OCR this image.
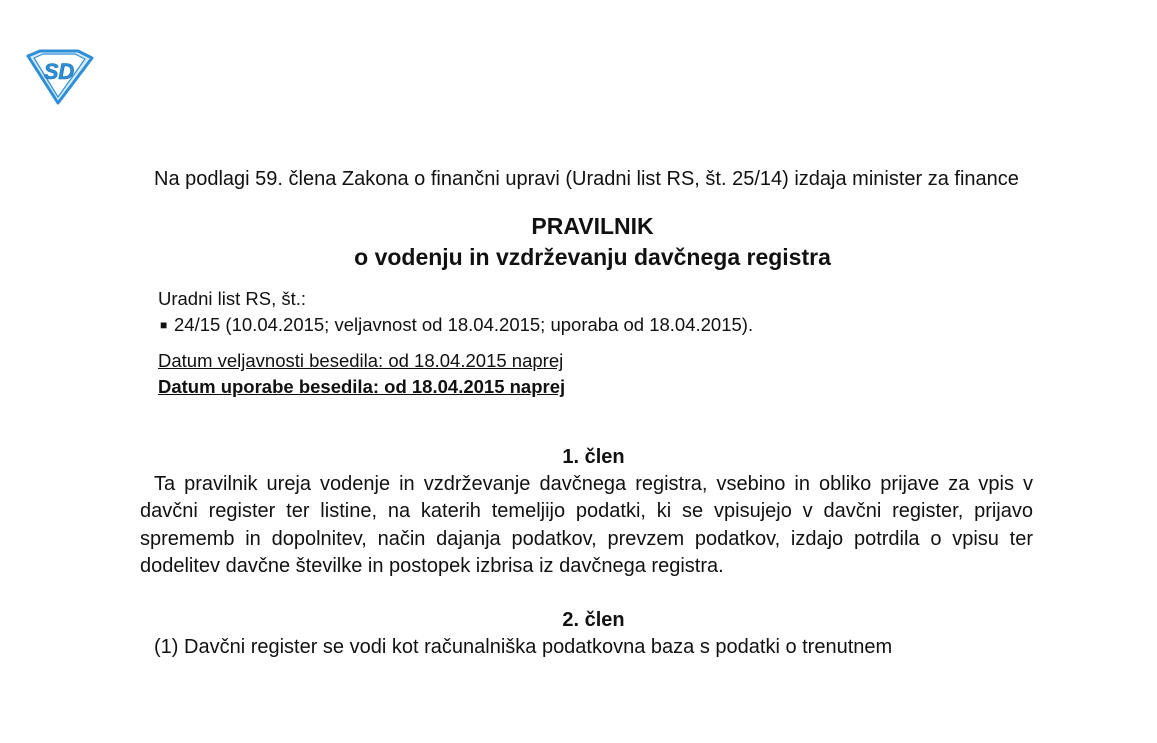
SD

Na podlagi 59. člena Zakona o finančni upravi (Uradni list RS, št. 25/14) izdaja minister za finance

PRAVILNIK
o vodenju in vzdrževanju davčnega registra
Uradni list RS, št.:
■ 24/15 (10.04.2015; veljavnost od 18.04.2015; uporaba od 18.04.2015).
Datum veljavnosti besedila: od 18.04.2015 naprej
Datum uporabe besedila: od 18.04.2015 naprej

1. člen

Ta pravilnik ureja vodenje in vzdrževanje davčnega registra, vsebino in obliko prijave za vpis v davčni register ter listine, na katerih temeljijo podatki, ki se vpisujejo v davčni register, prijavo sprememb in dopolnitev, način dajanja podatkov, prevzem podatkov, izdajo potrdila o vpisu ter dodelitev davčne številke in postopek izbrisa iz davčnega registra.

2. člen

(1) Davčni register se vodi kot računalniška podatkovna baza s podatki o trenutnem
